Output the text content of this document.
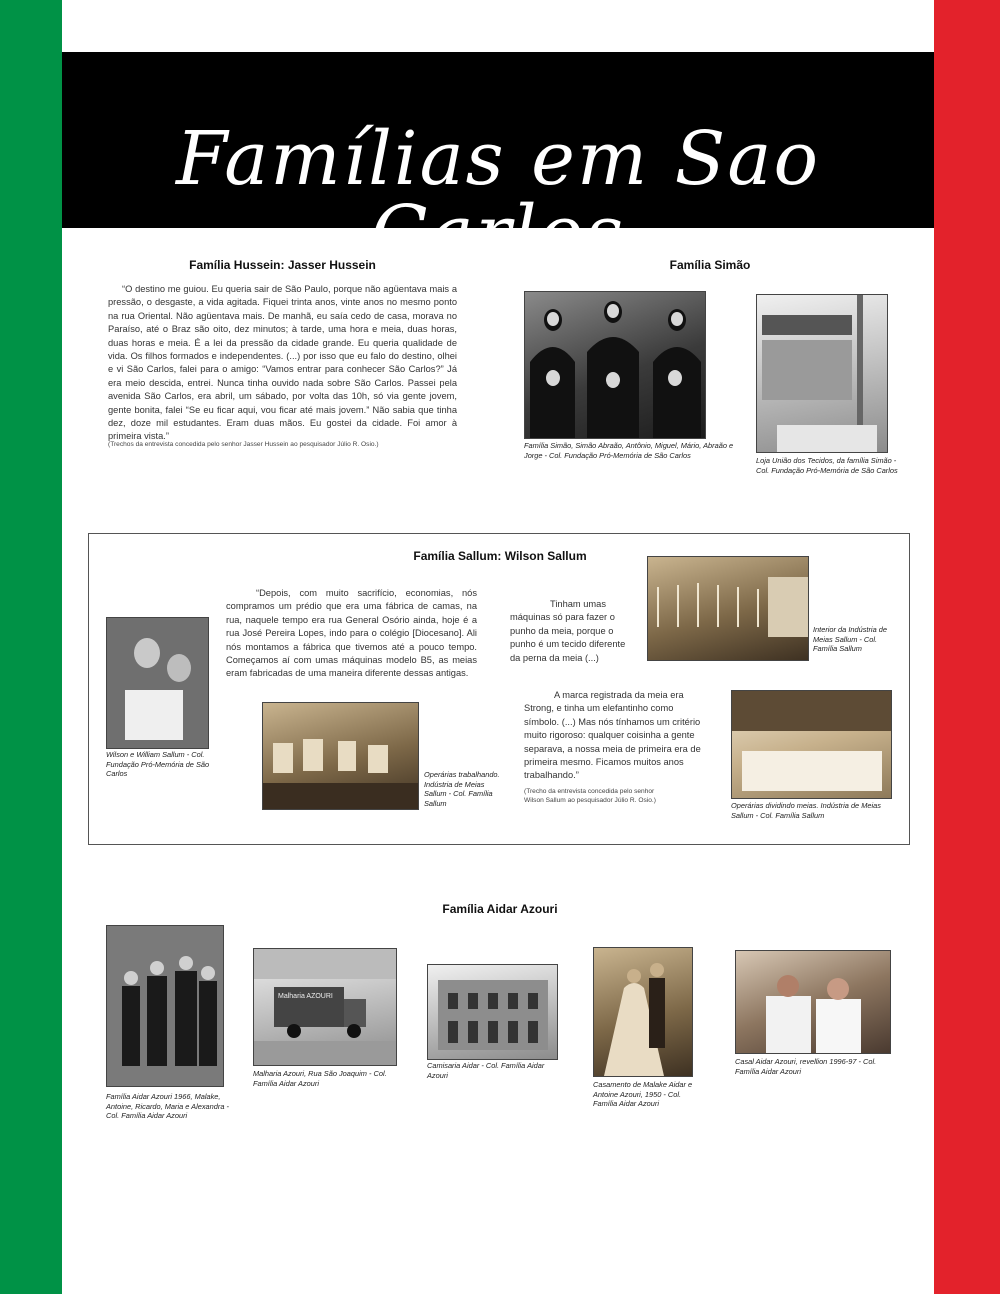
Famílias em Sao Carlos
Família Hussein: Jasser Hussein
“O destino me guiou. Eu queria sair de São Paulo, porque não agüentava mais a pressão, o desgaste, a vida agitada. Fiquei trinta anos, vinte anos no mesmo ponto na rua Oriental. Não agüentava mais. De manhã, eu saía cedo de casa, morava no Paraíso, até o Braz são oito, dez minutos; à tarde, uma hora e meia, duas horas, duas horas e meia. É a lei da pressão da cidade grande. Eu queria qualidade de vida. Os filhos formados e independentes. (...) por isso que eu falo do destino, olhei e vi São Carlos, falei para o amigo: “Vamos entrar para conhecer São Carlos?” Já era meio descida, entrei. Nunca tinha ouvido nada sobre São Carlos. Passei pela avenida São Carlos, era abril, um sábado, por volta das 10h, só via gente jovem, gente bonita, falei “Se eu ficar aqui, vou ficar até mais jovem.” Não sabia que tinha dez, doze mil estudantes. Eram duas mãos. Eu gostei da cidade. Foi amor à primeira vista.”
(Trechos da entrevista concedida pelo senhor Jasser Hussein ao pesquisador Júlio R. Osio.)
Família Simão
Família Simão, Simão Abraão, Antônio, Miguel, Mário, Abraão e Jorge - Col. Fundação Pró-Memória de São Carlos
Loja União dos Tecidos, da família Simão - Col. Fundação Pró-Memória de São Carlos
Família Sallum: Wilson Sallum
Wilson e William Sallum - Col. Fundação Pró-Memória de São Carlos
“Depois, com muito sacrifício, economias, nós compramos um prédio que era uma fábrica de camas, na rua, naquele tempo era rua General Osório ainda, hoje é a rua José Pereira Lopes, indo para o colégio [Diocesano]. Ali nós montamos a fábrica que tivemos até a pouco tempo. Começamos aí com umas máquinas modelo B5, as meias eram fabricadas de uma maneira diferente dessas antigas.
Operárias trabalhando. Indústria de Meias Sallum - Col. Família Sallum
Tinham umas máquinas só para fazer o punho da meia, porque o punho é um tecido diferente da perna da meia (...)
Interior da Indústria de Meias Sallum - Col. Família Sallum
A marca registrada da meia era Strong, e tinha um elefantinho como símbolo. (...) Mas nós tínhamos um critério muito rigoroso: qualquer coisinha a gente separava, a nossa meia de primeira era de primeira mesmo. Ficamos muitos anos trabalhando.”
(Trecho da entrevista concedida pelo senhor Wilson Sallum ao pesquisador Júlio R. Osio.)
Operárias dividindo meias. Indústria de Meias Sallum - Col. Família Sallum
Família Aidar Azouri
Família Aidar Azouri 1966, Malake, Antoine, Ricardo, Maria e Alexandra - Col. Família Aidar Azouri
Malharia AZOURI
Malharia Azouri, Rua São Joaquim - Col. Família Aidar Azouri
Camisaria Aidar - Col. Família Aidar Azouri
Casamento de Malake Aidar e Antoine Azouri, 1950 - Col. Família Aidar Azouri
Casal Aidar Azouri, revellion 1996-97 - Col. Família Aidar Azouri
